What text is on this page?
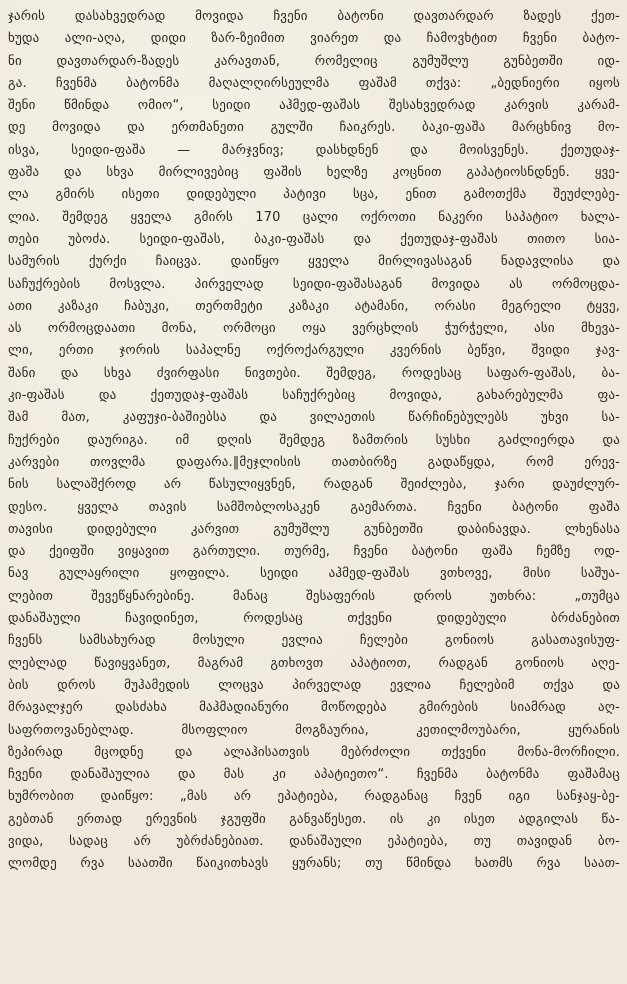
ჯარის დასახვედრად მოვიდა ჩვენი ბატონი დავთარდარ ზადეს ქეთ-
ხუდა ალი-აღა, დიდი ზარ-ზეიმით ვიარეთ და ჩამოვხტით ჩვენი ბატო-
ნი დავთარდარ-ზადეს კარავთან, რომელიც გუმუშლუ გუნბეთში იდ-
გა. ჩვენმა ბატონმა მაღალღირსეულმა ფაშამ თქვა: „ბედნიერი იყოს
შენი წმინდა ომიო“, სეიდი აჰმედ-ფაშას შესახვედრად კარვის კარამ-
დე მოვიდა და ერთმანეთი გულში ჩაიკრეს. ბაკი-ფაშა მარცხნივ მო-
ისვა, სეიდი-ფაშა — მარჯვნივ; დასხდნენ და მოისვენეს. ქეთუდაჯ-
ფაშა და სხვა მირლივებიც ფაშის ხელზე კოცნით გაპატიოსნდნენ. ყვე-
ლა გმირს ისეთი დიდებული პატივი სცა, ენით გამოთქმა შეუძლებე-
ლია. შემდეგ ყველა გმირს 170 ცალი ოქროთი ნაკერი საპატიო ხალა-
თები უბოძა. სეიდი-ფაშას, ბაკი-ფაშას და ქეთუდაჯ-ფაშას თითო სია-
სამურის ქურქი ჩაიცვა. დაიწყო ყველა მირლივასაგან ნადავლისა და
საჩუქრების მოსვლა. პირველად სეიდი-ფაშასაგან მოვიდა ას ორმოცდა-
ათი კაზაკი ჩაბუკი, თერთმეტი კაზაკი ატამანი, ორასი მეგრელი ტყვე,
ას ორმოცდაათი მონა, ორმოცი ოყა ვერცხლის ჭურჭელი, ასი მხევა-
ლი, ერთი ჯორის საპალნე ოქროქარგული კვერნის ბეწვი, შვიდი ჯავ-
შანი და სხვა ძვირფასი ნივთები. შემდეგ, როდესაც საფარ-ფაშას, ბა-
კი-ფაშას და ქეთუდაჯ-ფაშას საჩუქრებიც მოვიდა, გახარებულმა ფა-
შამ მათ, კაფუჯი-ბაშიებსა და ვილაეთის წარჩინებულებს უხვი სა-
ჩუქრები დაურიგა. იმ დღის შემდეგ ზამთრის სუსხი გაძლიერდა და
კარვები თოვლმა დაფარა.‖მეჯლისის თათბირზე გადაწყდა, რომ ერევ-
ნის სალაშქროდ არ წასულიყვნენ, რადგან შეიძლება, ჯარი დაუძლურ-
დესო. ყველა თავის სამშობლოსაკენ გაემართა. ჩვენი ბატონი ფაშა
თავისი დიდებული კარვით გუმუშლუ გუნბეთში დაბინავდა. ლხენასა
და ქეიფში ვიყავით გართული. თურმე, ჩვენი ბატონი ფაშა ჩემზე ოდ-
ნავ გულაყრილი ყოფილა. სეიდი აჰმედ-ფაშას ვთხოვე, მისი საშუა-
ლებით შევეწყნარებინე. მანაც შესაფერის დროს უთხრა: „თუმცა
დანაშაული ჩავიდინეთ, როდესაც თქვენი დიდებული ბრძანებით
ჩვენს სამსახურად მოსული ევლია ჩელები გონიოს გასათავისუფ-
ლებლად წავიყვანეთ, მაგრამ გთხოვთ აპატიოთ, რადგან გონიოს აღე-
ბის დროს მუჰამედის ლოცვა პირველად ევლია ჩელებიმ თქვა და
მრავალჯერ დასძახა მაჰმადიანური მოწოდება გმირების სიამრად აღ-
საფრთოვანებლად. მსოფლიო მოგზაურია, კეთილმოუბარი, ყურანის
ზეპირად მცოდნე და ალაჰისათვის მებრძოლი თქვენი მონა-მორჩილი.
ჩვენი დანაშაულია და მას კი აპატიეთო“. ჩვენმა ბატონმა ფაშამაც
ხუმრობით დაიწყო: „მას არ ეპატიება, რადგანაც ჩვენ იგი სანჯაყ-ბე-
გებთან ერთად ერევნის ჯგუფში განვაწესეთ. ის კი ისეთ ადგილას წა-
ვიდა, სადაც არ უბრძანებიათ. დანაშაული ეპატიება, თუ თავიდან ბო-
ლომდე რვა საათში წაიკითხავს ყურანს; თუ წმინდა ხათმს რვა საათ-
